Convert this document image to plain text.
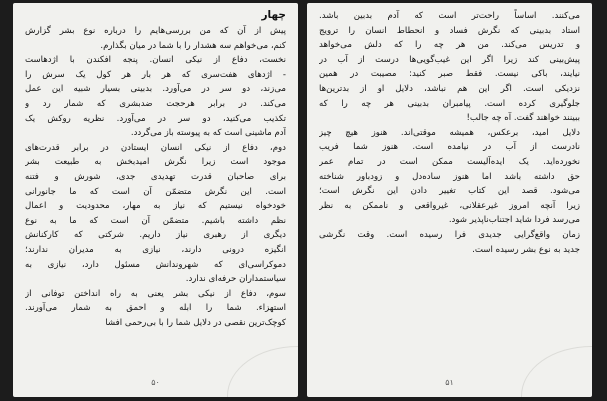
چهار
پیش از آن که من بررسی‌هایم را درباره نوع بشر گزارش
کنم، می‌خواهم سه هشدار را با شما در میان بگذارم.
نخست، دفاع از نیکی انسان. پنجه افکندن با اژدهاست
- اژدهای هفت‌سری که هر بار هر کول یک سرش را
می‌زند، دو سر در می‌آورد. بدبینی بسیار شبیه این عمل
می‌کند. در برابر هرحجت ضدبشری که شمار رد و
تکذیب می‌کنید، دو سر در می‌آورد. نظریه روکش یک
آدم ماشینی است که به پیوسته باز می‌گردد.
دوم، دفاع از نیکی انسان ایستادن در برابر قدرت‌های
موجود است زیرا نگرش امیدبخش به طبیعت بشر
برای صاحبان قدرت تهدیدی جدی، شورش و فتنه
است. این نگرش متضمّن آن است که ما جانورانی
خودخواه نیستیم که نیاز به مهار، محدودیت و اعمال
نظم داشته باشیم. متضمّن آن است که ما به نوع
دیگری از رهبری نیاز داریم. شرکتی که کارکنانش
انگیزه درونی دارند، نیازی به مدیران ندارند؛
دموکراسی‌ای که شهروندانش مسئول دارد، نیازی به
سیاستمداران حرفه‌ای ندارد.
سوم، دفاع از نیکی بشر یعنی به راه انداختن توفانی از
استهزاء. شما را ابله و احمق به شمار می‌آورند.
کوچک‌ترین نقصی در دلایل شما را با بی‌رحمی افشا
۵۰
می‌کنند. اساساً راحت‌تر است که آدم بدبین باشد.
استاد بدبینی که نگرش فساد و انحطاط انسان را ترویج
و تدریس می‌کند. من هر چه را که دلش می‌خواهد
پیش‌بینی کند زیرا اگر این غیب‌گویی‌ها درست از آب در
نیایند، باکی نیست. فقط صبر کنید: مصیبت در همین
نزدیکی است. اگر این هم نباشد، دلایل او از بدترین‌ها
جلوگیری کرده است. پیامبران بدبینی هر چه را که
ببینند خواهند گفت. آه چه جالب!
دلایل امید، برعکس، همیشه موقتی‌اند. هنوز هیچ چیز
نادرست از آب در نیامده است. هنوز شما فریب
نخورده‌اید. یک ایده‌آلیست ممکن است در تمام عمر
حق داشته باشد اما هنوز ساده‌دل و زودباور شناخته
می‌شود. قصد این کتاب تغییر دادن این نگرش است؛
زیرا آنچه امروز غیرعقلانی، غیرواقعی و ناممکن به نظر
می‌رسد فردا شاید اجتناب‌ناپذیر شود.
زمان واقع‌گرایی جدیدی فرا رسیده است. وقت نگرشی
جدید به نوع بشر رسیده است.
۵۱
